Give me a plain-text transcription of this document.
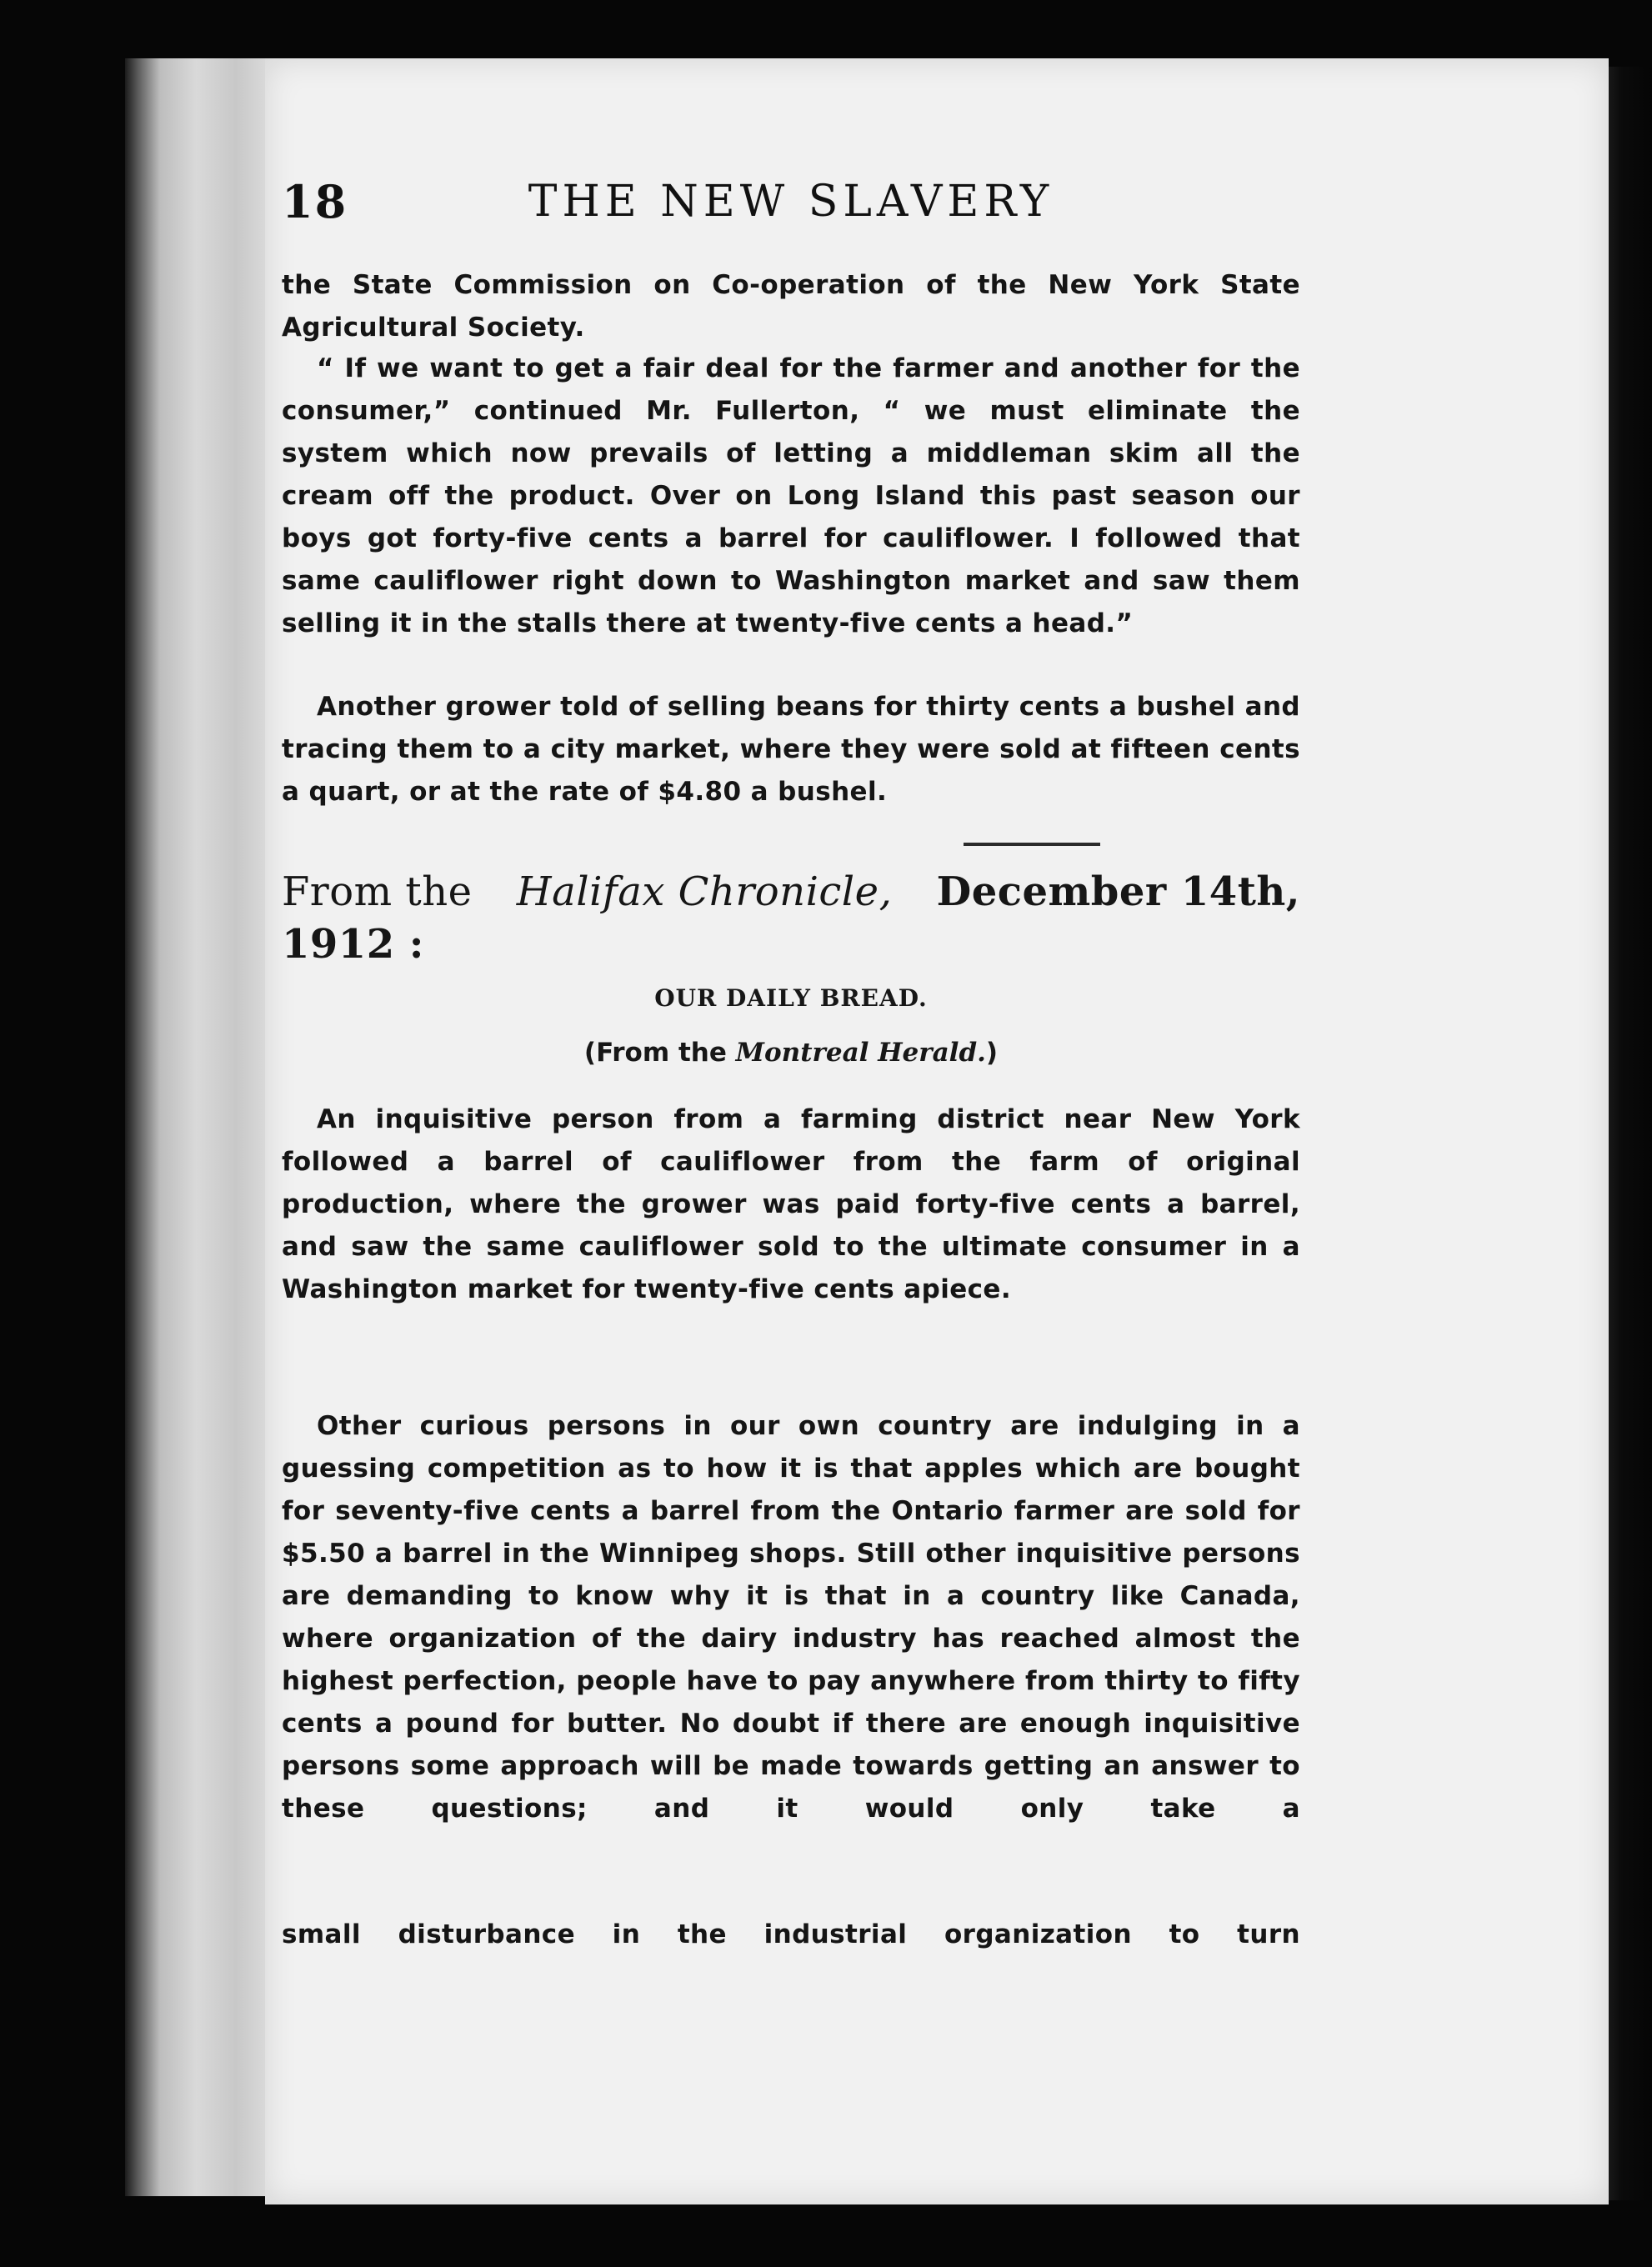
18	THE NEW SLAVERY
the State Commission on Co-operation of the New York State Agricultural Society.
“ If we want to get a fair deal for the farmer and another for the consumer,” continued Mr. Fullerton, “ we must eliminate the system which now prevails of letting a middleman skim all the cream off the product. Over on Long Island this past season our boys got forty-five cents a barrel for cauliflower. I followed that same cauliflower right down to Washington market and saw them selling it in the stalls there at twenty-five cents a head.”
Another grower told of selling beans for thirty cents a bushel and tracing them to a city market, where they were sold at fifteen cents a quart, or at the rate of $4.80 a bushel.
From the Halifax Chronicle, December 14th,
1912 :
OUR DAILY BREAD.
(From the Montreal Herald.)
An inquisitive person from a farming district near New York followed a barrel of cauliflower from the farm of original production, where the grower was paid forty-five cents a barrel, and saw the same cauliflower sold to the ultimate consumer in a Washington market for twenty-five cents apiece.
Other curious persons in our own country are indulging in a guessing competition as to how it is that apples which are bought for seventy-five cents a barrel from the Ontario farmer are sold for $5.50 a barrel in the Winnipeg shops. Still other inquisitive persons are demanding to know why it is that in a country like Canada, where organization of the dairy industry has reached almost the highest perfection, people have to pay anywhere from thirty to fifty cents a pound for butter. No doubt if there are enough inquisitive persons some approach will be made towards getting an answer to these questions; and it would only take a
small disturbance in the industrial organization to turn
